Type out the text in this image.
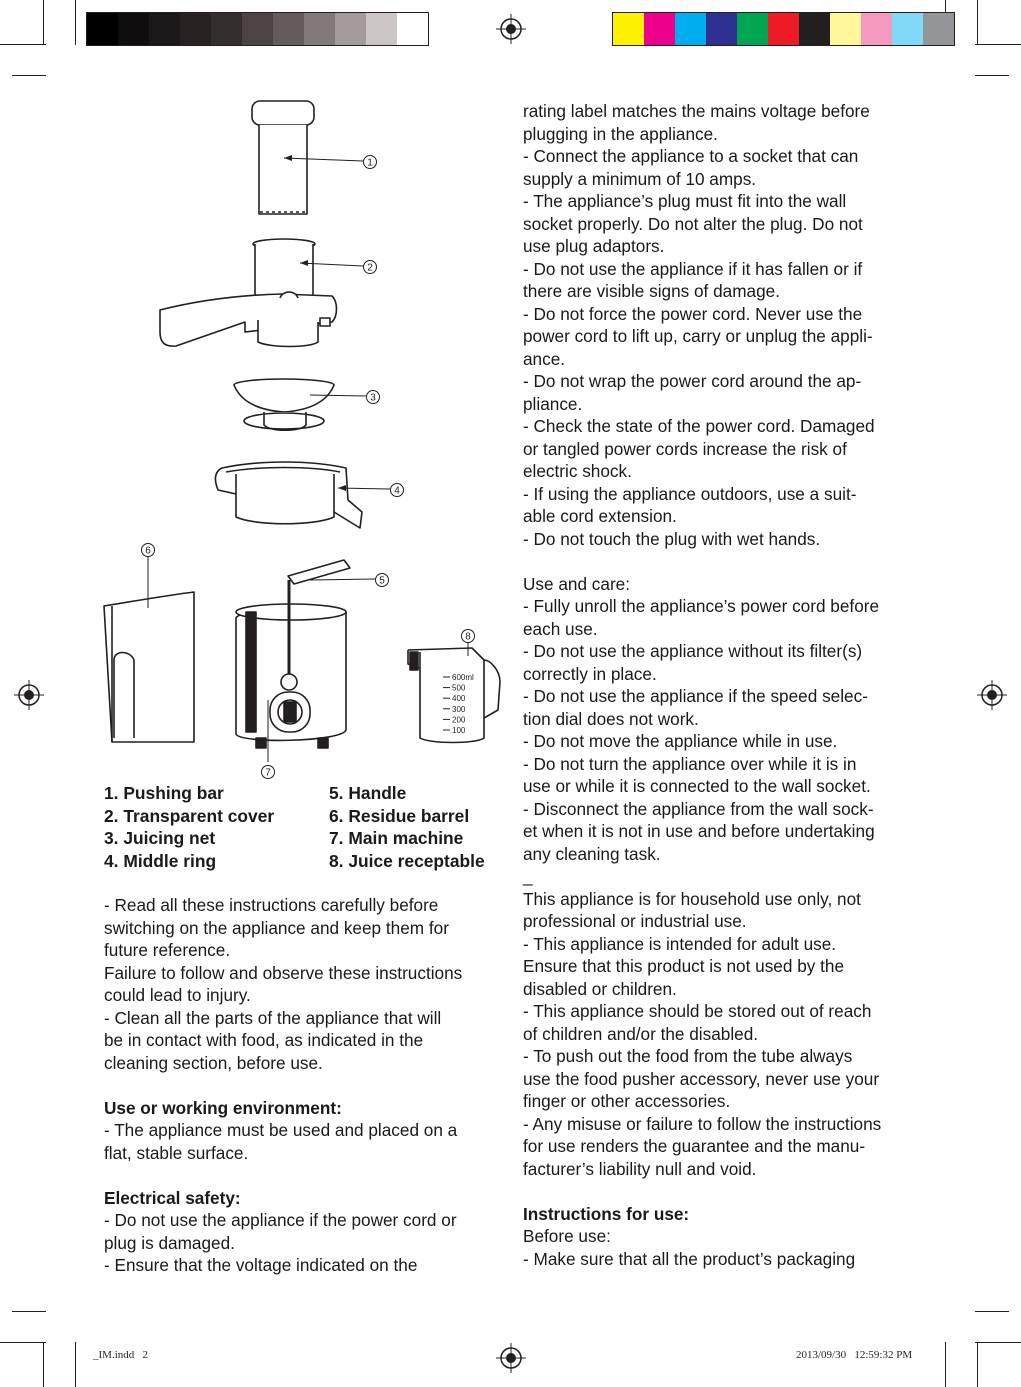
600ml
500
400
300
200
100
1
2
3
4
5
6
7
8
1. Pushing bar	5. Handle
2. Transparent cover	6. Residue barrel
3. Juicing net	7. Main machine
4. Middle ring	8. Juice receptable
- Read all these instructions carefully before
switching on the appliance and keep them for
future reference.
Failure to follow and observe these instructions
could lead to injury.
- Clean all the parts of the appliance that will
be in contact with food, as indicated in the
cleaning section, before use.
Use or working environment:
- The appliance must be used and placed on a
flat, stable surface.
Electrical safety:
- Do not use the appliance if the power cord or
plug is damaged.
- Ensure that the voltage indicated on the
rating label matches the mains voltage before
plugging in the appliance.
- Connect the appliance to a socket that can
supply a minimum of 10 amps.
- The appliance’s plug must fit into the wall
socket properly. Do not alter the plug. Do not
use plug adaptors.
- Do not use the appliance if it has fallen or if
there are visible signs of damage.
- Do not force the power cord. Never use the
power cord to lift up, carry or unplug the appli-
ance.
- Do not wrap the power cord around the ap-
pliance.
- Check the state of the power cord. Damaged
or tangled power cords increase the risk of
electric shock.
- If using the appliance outdoors, use a suit-
able cord extension.
- Do not touch the plug with wet hands.
Use and care:
- Fully unroll the appliance’s power cord before
each use.
- Do not use the appliance without its filter(s)
correctly in place.
- Do not use the appliance if the speed selec-
tion dial does not work.
- Do not move the appliance while in use.
- Do not turn the appliance over while it is in
use or while it is connected to the wall socket.
- Disconnect the appliance from the wall sock-
et when it is not in use and before undertaking
any cleaning task.
_
This appliance is for household use only, not
professional or industrial use.
- This appliance is intended for adult use.
Ensure that this product is not used by the
disabled or children.
- This appliance should be stored out of reach
of children and/or the disabled.
- To push out the food from the tube always
use the food pusher accessory, never use your
finger or other accessories.
- Any misuse or failure to follow the instructions
for use renders the guarantee and the manu-
facturer’s liability null and void.
Instructions for use:
Before use:
- Make sure that all the product’s packaging
_IM.indd   2	2013/09/30   12:59:32 PM
